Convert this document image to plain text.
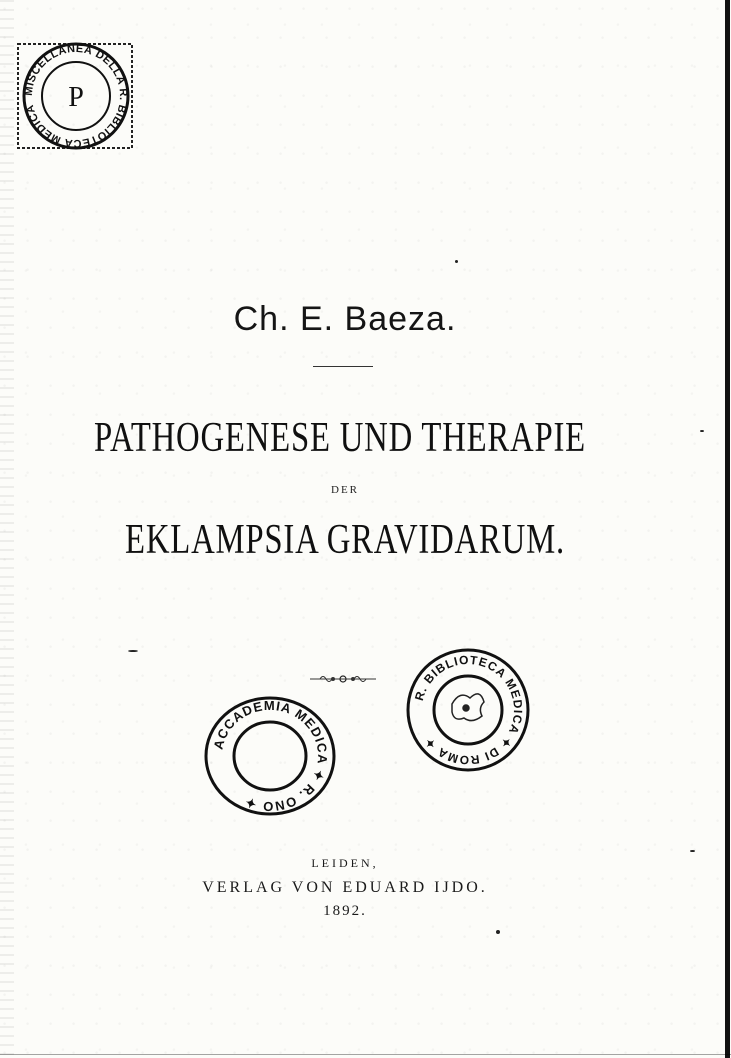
MISCELLANEA DELLA R. BIBLIOTECA MEDICA	P
Ch. E. Baeza.
PATHOGENESE UND THERAPIE
DER
EKLAMPSIA GRAVIDARUM.
ACCADEMIA MEDICA ✦ R. ONO ✦
R. BIBLIOTECA MEDICA ✦ DI ROMA ✦
LEIDEN,
VERLAG VON EDUARD IJDO.
1892.
